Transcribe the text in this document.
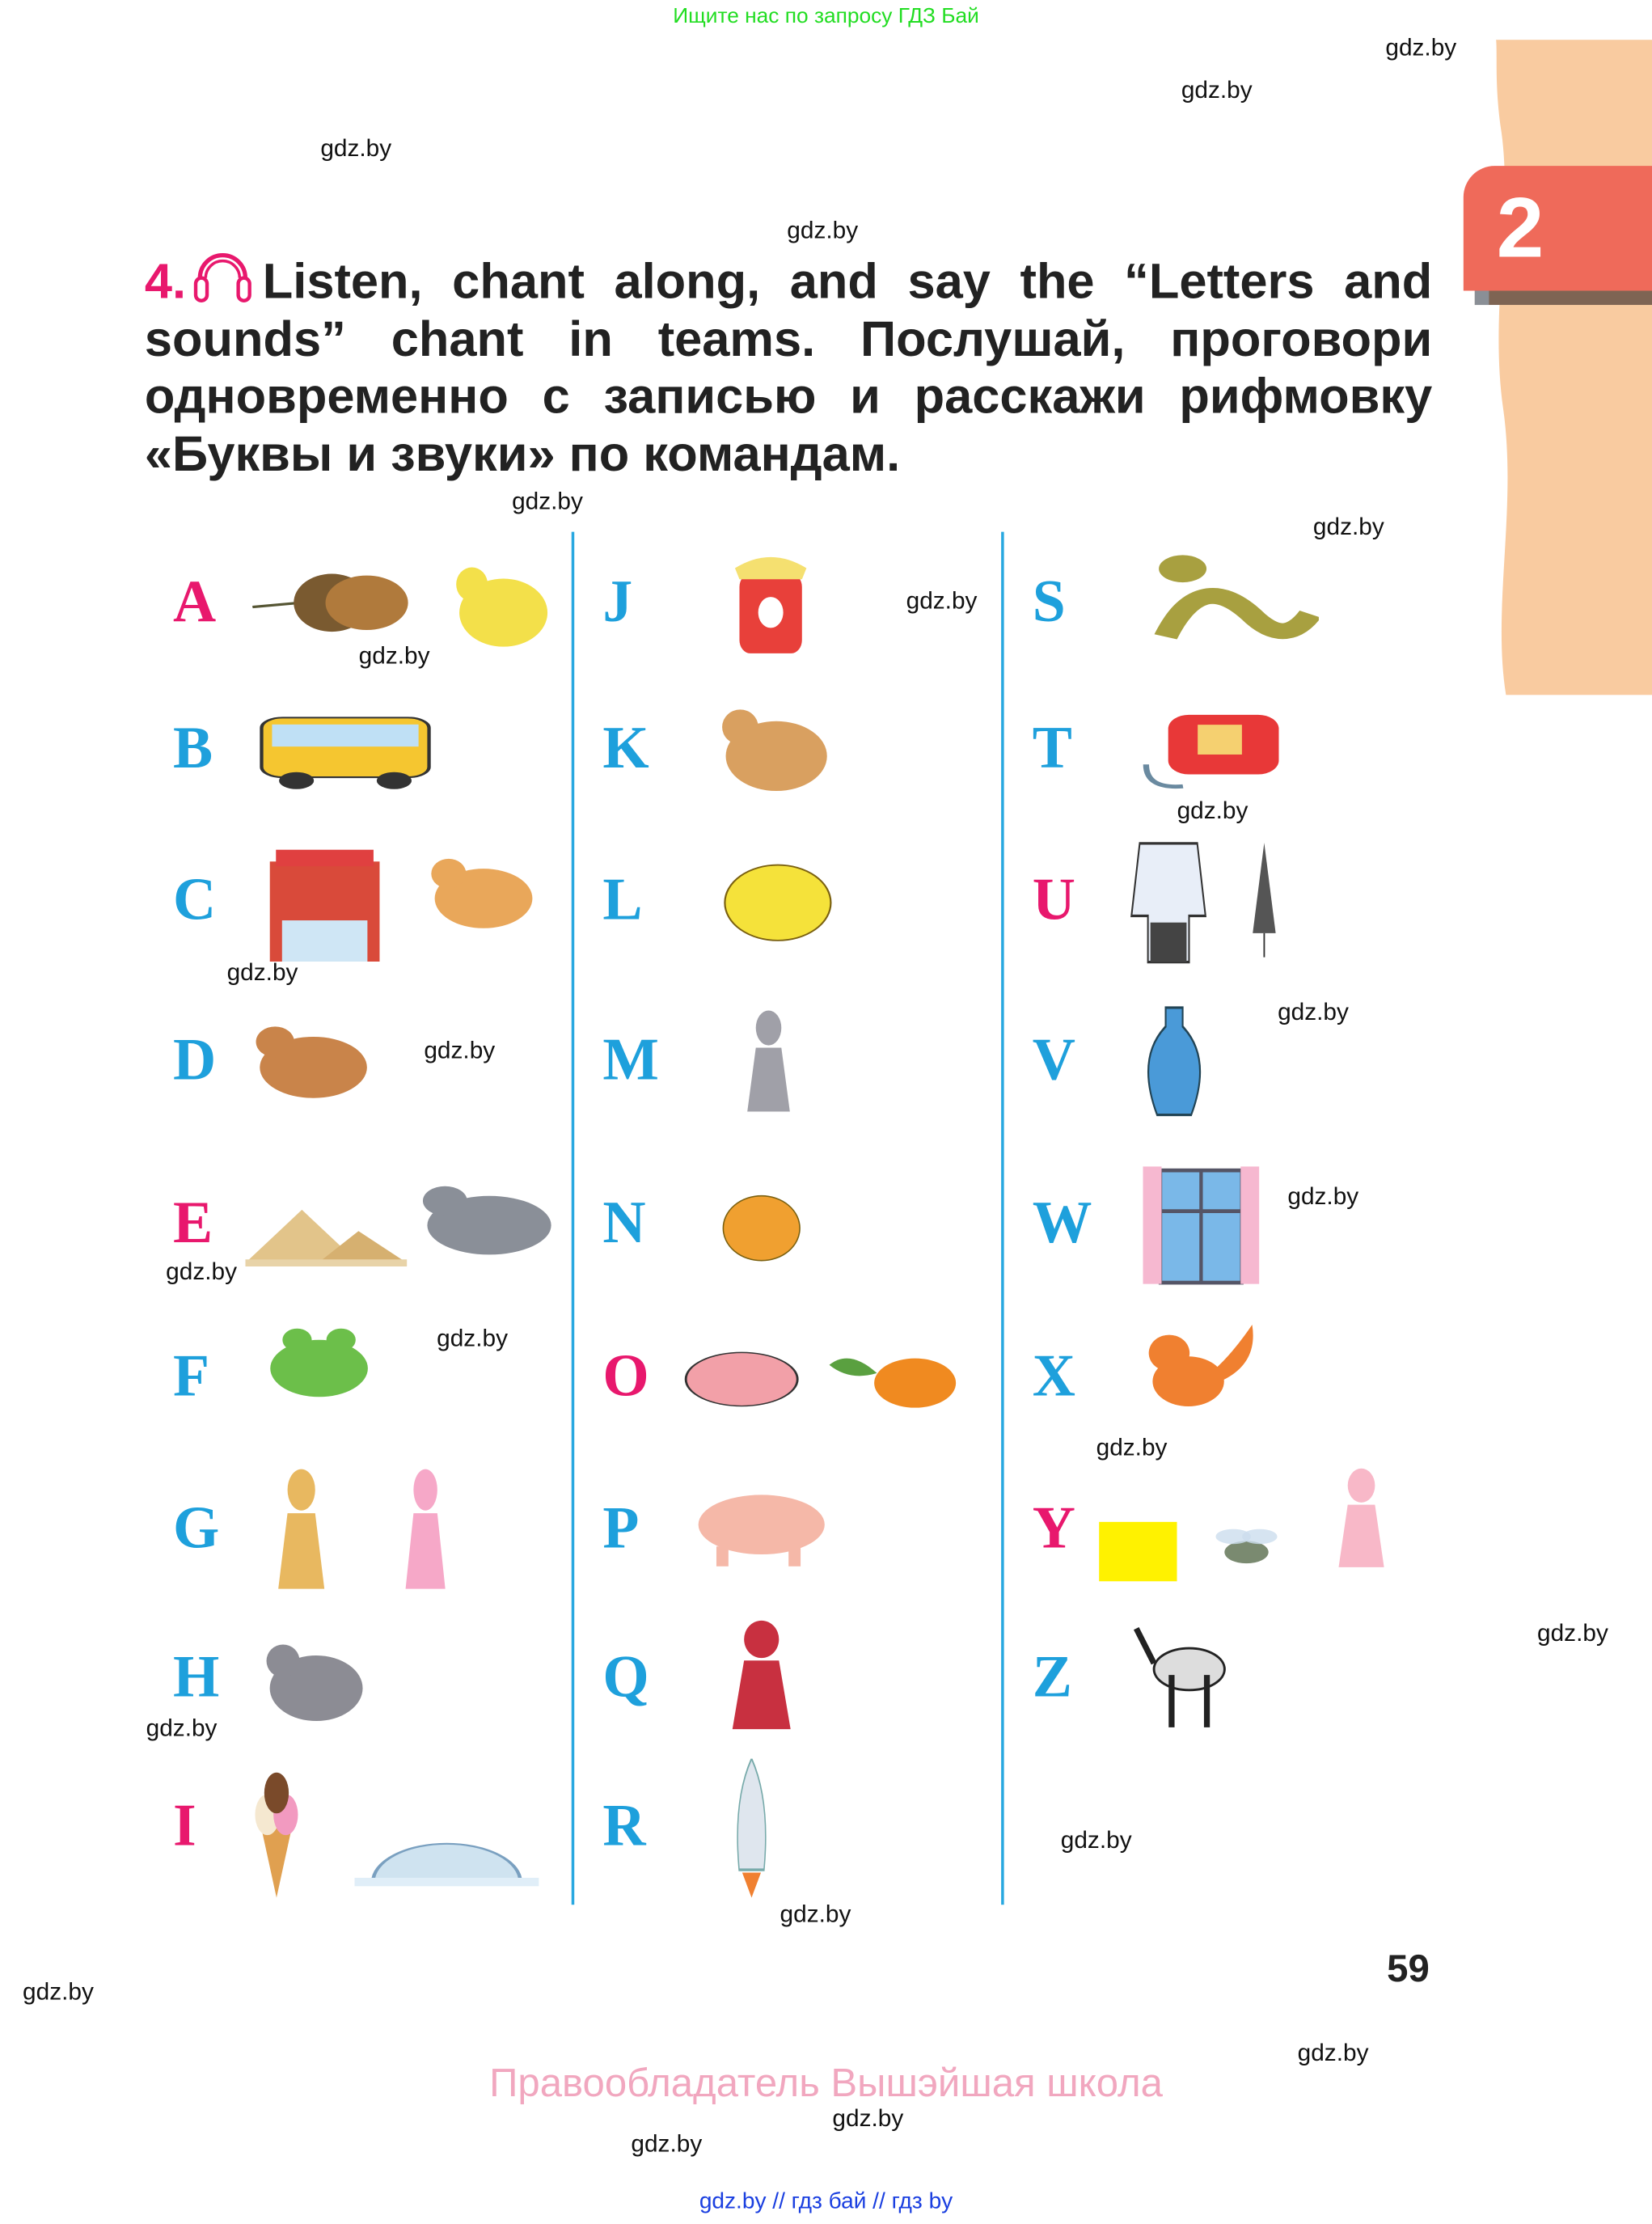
Ищите нас по запросу ГДЗ Бай
2
4.	Listen, chant along, and say the “Letters and
sounds” chant in teams. Послушай, проговори
одновременно с записью и расскажи рифмовку
«Буквы и звуки» по командам.
A
B
C
D
E
F
G
H
I
J
K
L
M
N
O
P
Q
R
S
T
U
V
W
X
Y
Z
gdz.by
gdz.by
gdz.by
gdz.by
gdz.by
gdz.by
gdz.by
gdz.by
gdz.by
gdz.by
gdz.by
gdz.by
gdz.by
gdz.by
gdz.by
gdz.by
gdz.by
gdz.by
gdz.by
gdz.by
gdz.by
gdz.by
gdz.by
gdz.by
59
Правообладатель Вышэйшая школа
gdz.by // гдз бай // гдз by
